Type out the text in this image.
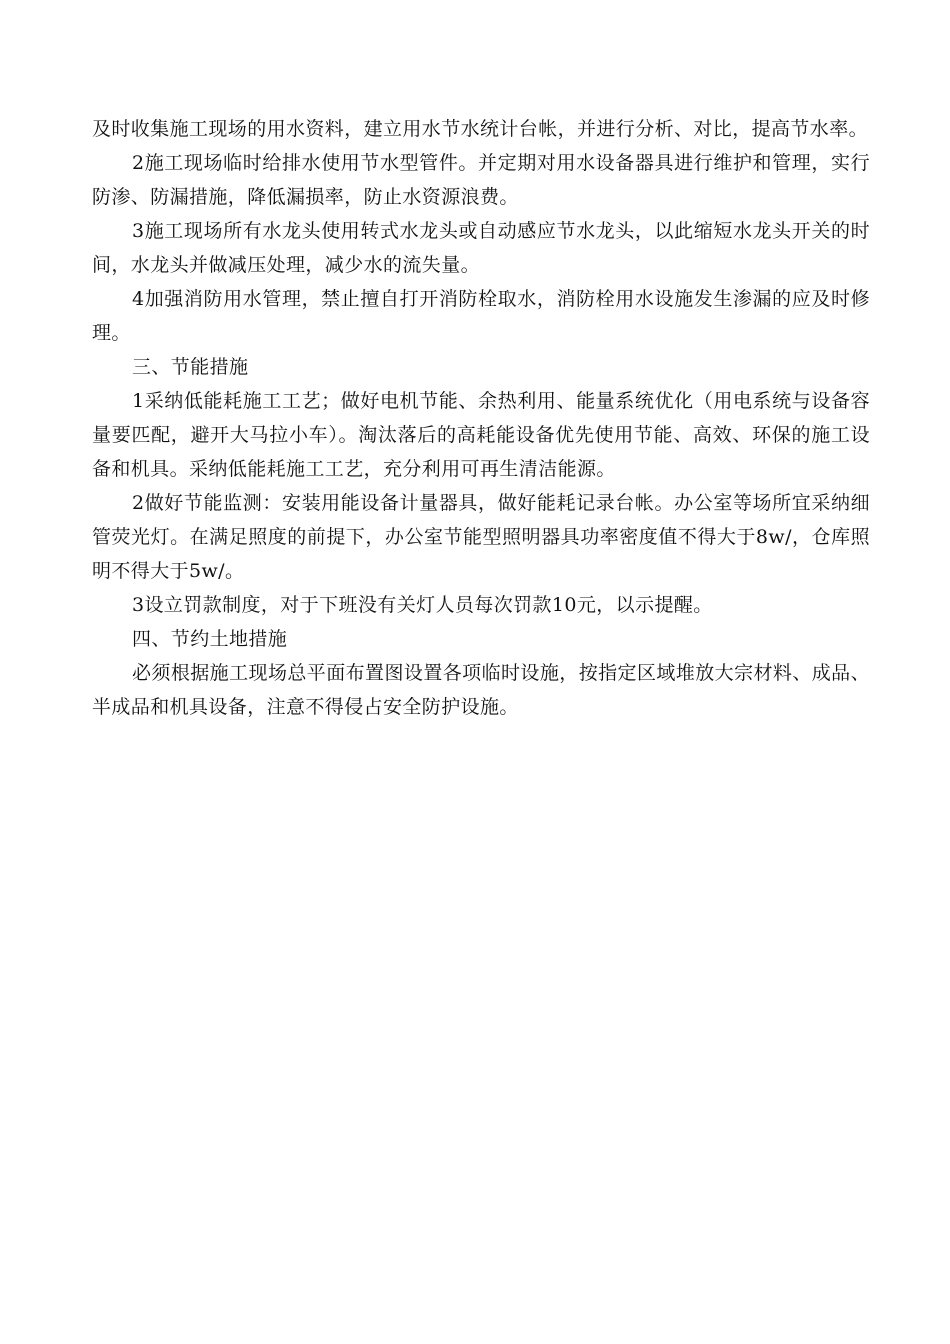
及时收集施工现场的用水资料，建立用水节水统计台帐，并进行分析、对比，提高节水率。

2施工现场临时给排水使用节水型管件。并定期对用水设备器具进行维护和管理，实行防渗、防漏措施，降低漏损率，防止水资源浪费。

3施工现场所有水龙头使用转式水龙头或自动感应节水龙头，以此缩短水龙头开关的时间，水龙头并做减压处理，减少水的流失量。

4加强消防用水管理，禁止擅自打开消防栓取水，消防栓用水设施发生渗漏的应及时修理。

三、节能措施

1采纳低能耗施工工艺；做好电机节能、余热利用、能量系统优化（用电系统与设备容量要匹配，避开大马拉小车）。淘汰落后的高耗能设备优先使用节能、高效、环保的施工设备和机具。采纳低能耗施工工艺，充分利用可再生清洁能源。

2做好节能监测：安装用能设备计量器具，做好能耗记录台帐。办公室等场所宜采纳细管荧光灯。在满足照度的前提下，办公室节能型照明器具功率密度值不得大于8w/，仓库照明不得大于5w/。

3设立罚款制度，对于下班没有关灯人员每次罚款10元，以示提醒。

四、节约土地措施

必须根据施工现场总平面布置图设置各项临时设施，按指定区域堆放大宗材料、成品、半成品和机具设备，注意不得侵占安全防护设施。
